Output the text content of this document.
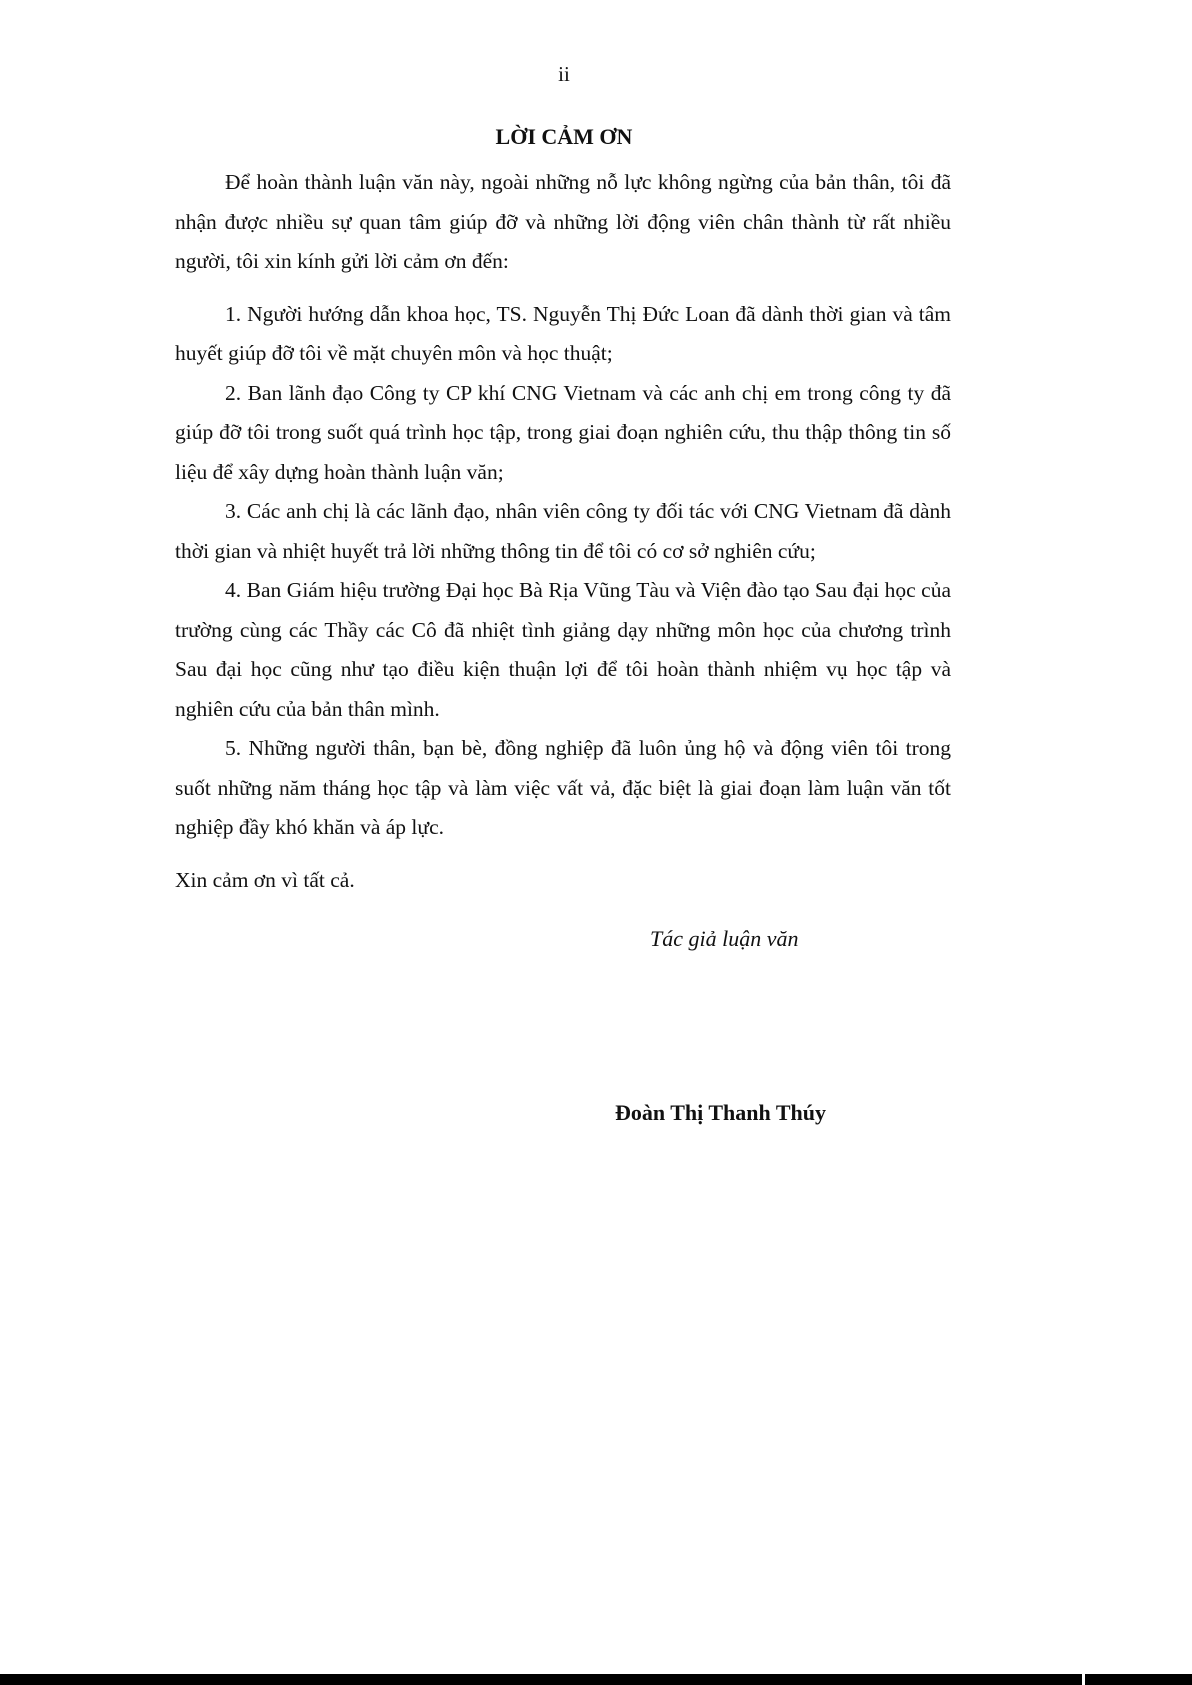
ii
LỜI CẢM ƠN

Để hoàn thành luận văn này, ngoài những nỗ lực không ngừng của bản thân, tôi đã nhận được nhiều sự quan tâm giúp đỡ và những lời động viên chân thành từ rất nhiều người, tôi xin kính gửi lời cảm ơn đến:

1. Người hướng dẫn khoa học, TS. Nguyễn Thị Đức Loan đã dành thời gian và tâm huyết giúp đỡ tôi về mặt chuyên môn và học thuật;

2. Ban lãnh đạo Công ty CP khí CNG Vietnam và các anh chị em trong công ty đã giúp đỡ tôi trong suốt quá trình học tập, trong giai đoạn nghiên cứu, thu thập thông tin số liệu để xây dựng hoàn thành luận văn;

3. Các anh chị là các lãnh đạo, nhân viên công ty đối tác với CNG Vietnam đã dành thời gian và nhiệt huyết trả lời những thông tin để tôi có cơ sở nghiên cứu;

4. Ban Giám hiệu trường Đại học Bà Rịa Vũng Tàu và Viện đào tạo Sau đại học của trường cùng các Thầy các Cô đã nhiệt tình giảng dạy những môn học của chương trình Sau đại học cũng như tạo điều kiện thuận lợi để tôi hoàn thành nhiệm vụ học tập và nghiên cứu của bản thân mình.

5. Những người thân, bạn bè, đồng nghiệp đã luôn ủng hộ và động viên tôi trong suốt những năm tháng học tập và làm việc vất vả, đặc biệt là giai đoạn làm luận văn tốt nghiệp đầy khó khăn và áp lực.

Xin cảm ơn vì tất cả.

Tác giả luận văn
Đoàn Thị Thanh Thúy
